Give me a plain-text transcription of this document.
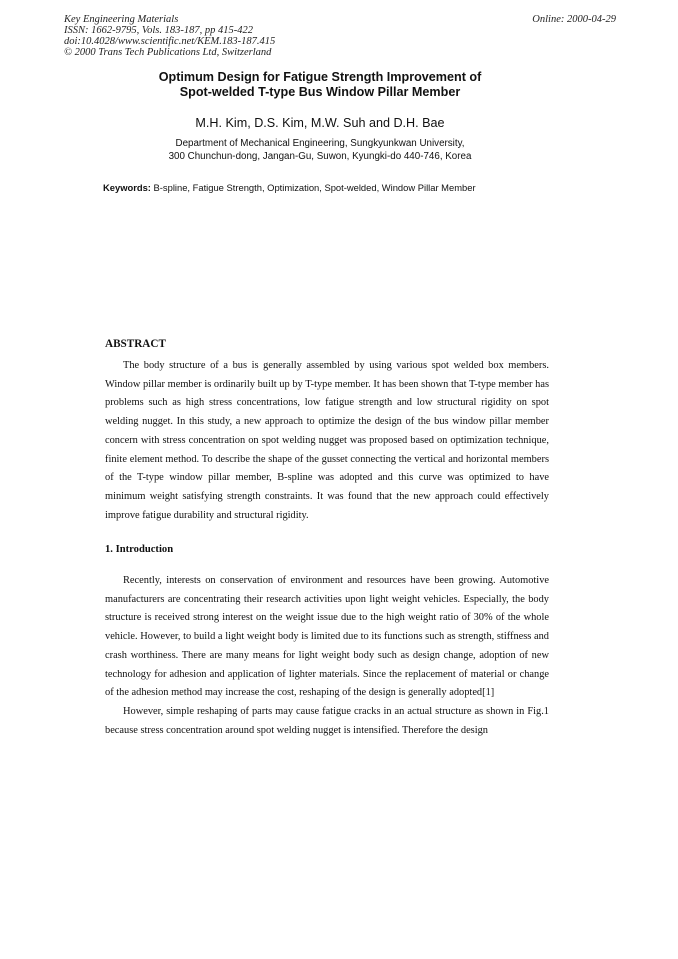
Key Engineering Materials
ISSN: 1662-9795, Vols. 183-187, pp 415-422
doi:10.4028/www.scientific.net/KEM.183-187.415
© 2000 Trans Tech Publications Ltd, Switzerland
Online: 2000-04-29
Optimum Design for Fatigue Strength Improvement of
Spot-welded T-type Bus Window Pillar Member
M.H. Kim, D.S. Kim, M.W. Suh and D.H. Bae
Department of Mechanical Engineering, Sungkyunkwan University,
300 Chunchun-dong, Jangan-Gu, Suwon, Kyungki-do 440-746, Korea
Keywords: B-spline, Fatigue Strength, Optimization, Spot-welded, Window Pillar Member
ABSTRACT
The body structure of a bus is generally assembled by using various spot welded box members. Window pillar member is ordinarily built up by T-type member. It has been shown that T-type member has problems such as high stress concentrations, low fatigue strength and low structural rigidity on spot welding nugget. In this study, a new approach to optimize the design of the bus window pillar member concern with stress concentration on spot welding nugget was proposed based on optimization technique, finite element method. To describe the shape of the gusset connecting the vertical and horizontal members of the T-type window pillar member, B-spline was adopted and this curve was optimized to have minimum weight satisfying strength constraints. It was found that the new approach could effectively improve fatigue durability and structural rigidity.
1. Introduction
Recently, interests on conservation of environment and resources have been growing. Automotive manufacturers are concentrating their research activities upon light weight vehicles. Especially, the body structure is received strong interest on the weight issue due to the high weight ratio of 30% of the whole vehicle. However, to build a light weight body is limited due to its functions such as strength, stiffness and crash worthiness. There are many means for light weight body such as design change, adoption of new technology for adhesion and application of lighter materials. Since the replacement of material or change of the adhesion method may increase the cost, reshaping of the design is generally adopted[1]
However, simple reshaping of parts may cause fatigue cracks in an actual structure as shown in Fig.1 because stress concentration around spot welding nugget is intensified. Therefore the design
